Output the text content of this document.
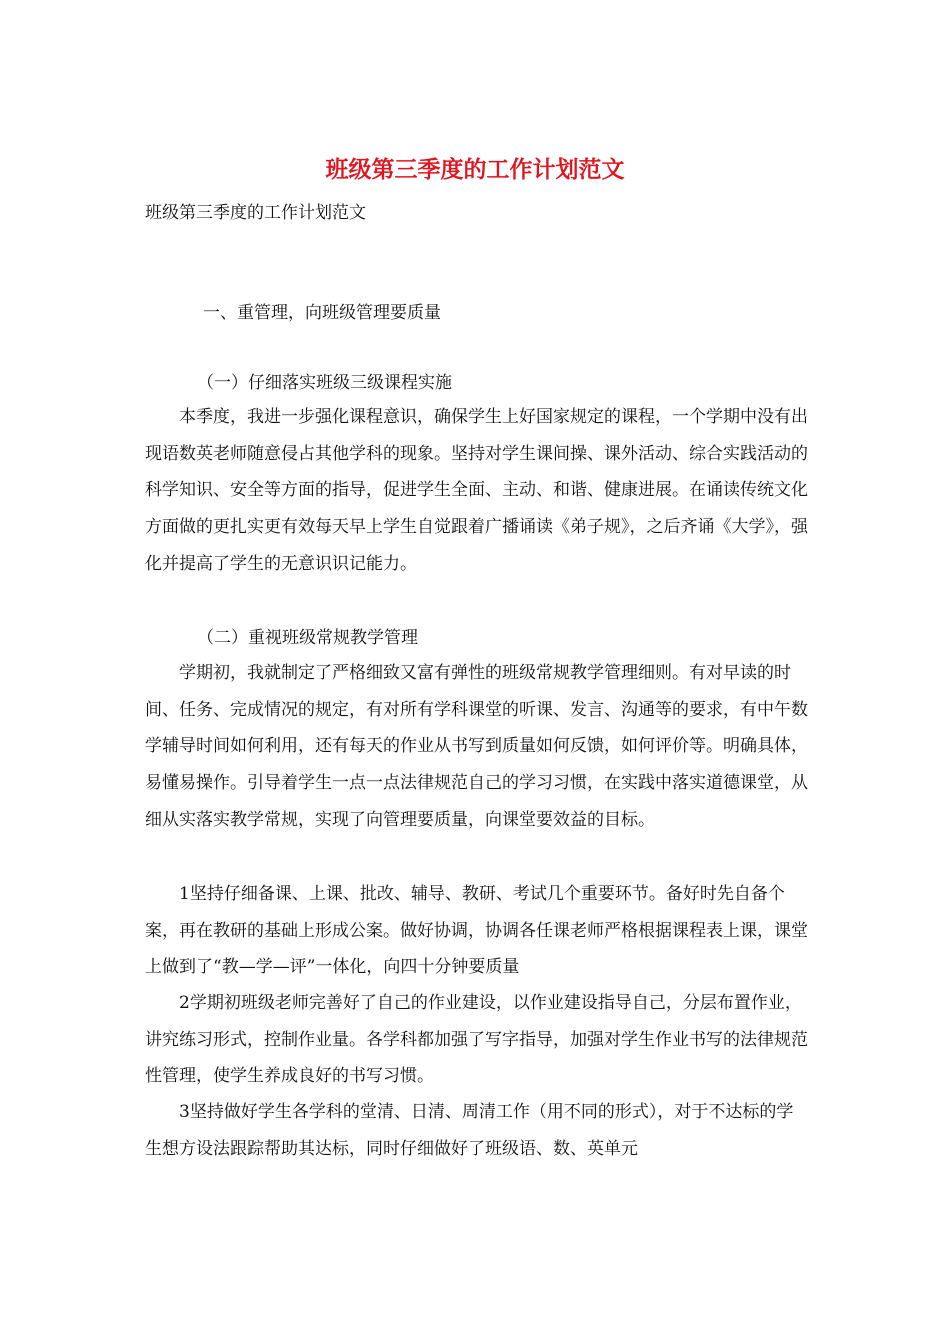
班级第三季度的工作计划范文

班级第三季度的工作计划范文

一、重管理，向班级管理要质量

（一）仔细落实班级三级课程实施

本季度，我进一步强化课程意识，确保学生上好国家规定的课程，一个学期中没有出现语数英老师随意侵占其他学科的现象。坚持对学生课间操、课外活动、综合实践活动的科学知识、安全等方面的指导，促进学生全面、主动、和谐、健康进展。在诵读传统文化方面做的更扎实更有效每天早上学生自觉跟着广播诵读《弟子规》，之后齐诵《大学》，强化并提高了学生的无意识识记能力。

（二）重视班级常规教学管理

学期初，我就制定了严格细致又富有弹性的班级常规教学管理细则。有对早读的时间、任务、完成情况的规定，有对所有学科课堂的听课、发言、沟通等的要求，有中午数学辅导时间如何利用，还有每天的作业从书写到质量如何反馈，如何评价等。明确具体，易懂易操作。引导着学生一点一点法律规范自己的学习习惯，在实践中落实道德课堂，从细从实落实教学常规，实现了向管理要质量，向课堂要效益的目标。

1坚持仔细备课、上课、批改、辅导、教研、考试几个重要环节。备好时先自备个案，再在教研的基础上形成公案。做好协调，协调各任课老师严格根据课程表上课，课堂上做到了“教—学—评”一体化，向四十分钟要质量

2学期初班级老师完善好了自己的作业建设，以作业建设指导自己，分层布置作业，讲究练习形式，控制作业量。各学科都加强了写字指导，加强对学生作业书写的法律规范性管理，使学生养成良好的书写习惯。

3坚持做好学生各学科的堂清、日清、周清工作（用不同的形式），对于不达标的学生想方设法跟踪帮助其达标，同时仔细做好了班级语、数、英单元
